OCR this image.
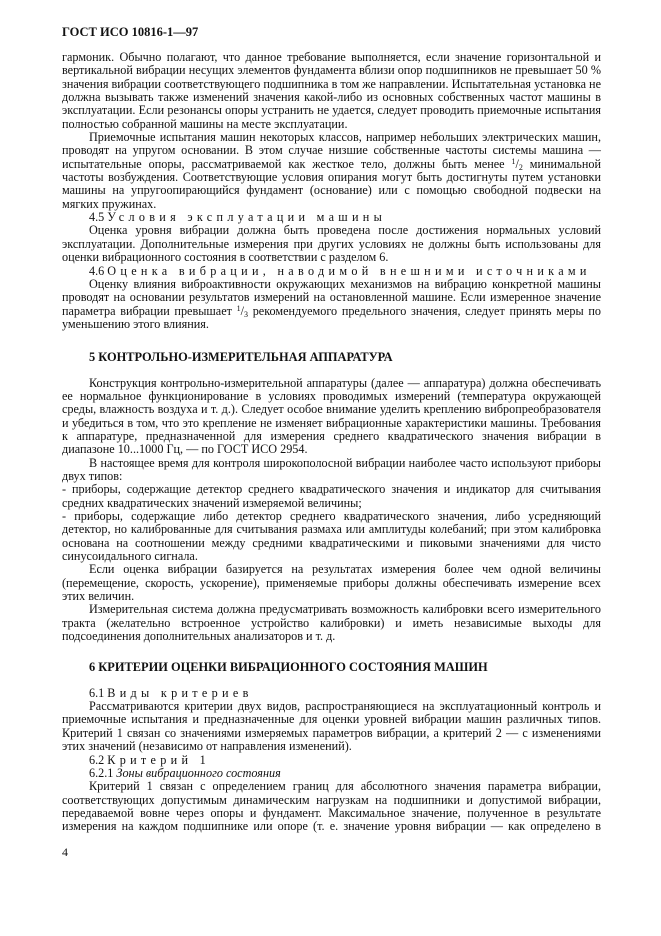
ГОСТ ИСО 10816-1—97

гармоник. Обычно полагают, что данное требование выполняется, если значение горизонтальной и вертикальной вибрации несущих элементов фундамента вблизи опор подшипников не превышает 50 % значения вибрации соответствующего подшипника в том же направлении. Испытательная установка не должна вызывать также изменений значения какой-либо из основных собственных частот машины в эксплуатации. Если резонансы опоры устранить не удается, следует проводить приемочные испытания полностью собранной машины на месте эксплуатации.

Приемочные испытания машин некоторых классов, например небольших электрических машин, проводят на упругом основании. В этом случае низшие собственные частоты системы машина — испытательные опоры, рассматриваемой как жесткое тело, должны быть менее $^1$/2 минимальной частоты возбуждения. Соответствующие условия опирания могут быть достигнуты путем установки машины на упругоопирающийся фундамент (основание) или с помощью свободной подвески на мягких пружинах.

4.5 Условия эксплуатации машины

Оценка уровня вибрации должна быть проведена после достижения нормальных условий эксплуатации. Дополнительные измерения при других условиях не должны быть использованы для оценки вибрационного состояния в соответствии с разделом 6.

4.6 Оценка вибрации, наводимой внешними источниками

Оценку влияния виброактивности окружающих механизмов на вибрацию конкретной машины проводят на основании результатов измерений на остановленной машине. Если измеренное значение параметра вибрации превышает $^1$/3 рекомендуемого предельного значения, следует принять меры по уменьшению этого влияния.

5 КОНТРОЛЬНО-ИЗМЕРИТЕЛЬНАЯ АППАРАТУРА

Конструкция контрольно-измерительной аппаратуры (далее — аппаратура) должна обеспечивать ее нормальное функционирование в условиях проводимых измерений (температура окружающей среды, влажность воздуха и т. д.). Следует особое внимание уделить креплению вибропреобразователя и убедиться в том, что это крепление не изменяет вибрационные характеристики машины. Требования к аппаратуре, предназначенной для измерения среднего квадратического значения вибрации в диапазоне 10...1000 Гц, — по ГОСТ ИСО 2954.

В настоящее время для контроля широкополосной вибрации наиболее часто используют приборы двух типов:

- приборы, содержащие детектор среднего квадратического значения и индикатор для считывания средних квадратических значений измеряемой величины;

- приборы, содержащие либо детектор среднего квадратического значения, либо усредняющий детектор, но калиброванные для считывания размаха или амплитуды колебаний; при этом калибровка основана на соотношении между средними квадратическими и пиковыми значениями для чисто синусоидального сигнала.

Если оценка вибрации базируется на результатах измерения более чем одной величины (перемещение, скорость, ускорение), применяемые приборы должны обеспечивать измерение всех этих величин.

Измерительная система должна предусматривать возможность калибровки всего измерительного тракта (желательно встроенное устройство калибровки) и иметь независимые выходы для подсоединения дополнительных анализаторов и т. д.

6 КРИТЕРИИ ОЦЕНКИ ВИБРАЦИОННОГО СОСТОЯНИЯ МАШИН

6.1 Виды критериев

Рассматриваются критерии двух видов, распространяющиеся на эксплуатационный контроль и приемочные испытания и предназначенные для оценки уровней вибрации машин различных типов. Критерий 1 связан со значениями измеряемых параметров вибрации, а критерий 2 — с изменениями этих значений (независимо от направления изменений).

6.2 Критерий 1

6.2.1 Зоны вибрационного состояния

Критерий 1 связан с определением границ для абсолютного значения параметра вибрации, соответствующих допустимым динамическим нагрузкам на подшипники и допустимой вибрации, передаваемой вовне через опоры и фундамент. Максимальное значение, полученное в результате измерения на каждом подшипнике или опоре (т. е. значение уровня вибрации — как определено в

4
